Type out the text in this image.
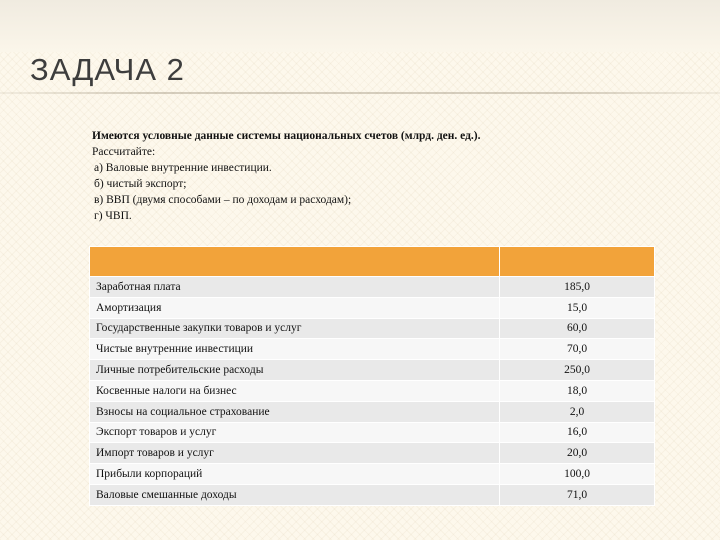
ЗАДАЧА 2

Имеются условные данные системы национальных счетов (млрд. ден. ед.).

Рассчитайте:

а) Валовые внутренние инвестиции.

б) чистый экспорт;

в) ВВП (двумя способами – по доходам и расходам);

г) ЧВП.

Заработная плата	185,0
Амортизация	15,0
Государственные закупки товаров и услуг	60,0
Чистые внутренние инвестиции	70,0
Личные потребительские расходы	250,0
Косвенные налоги на бизнес	18,0
Взносы на социальное страхование	2,0
Экспорт товаров и услуг	16,0
Импорт товаров и услуг	20,0
Прибыли корпораций	100,0
Валовые смешанные доходы	71,0
